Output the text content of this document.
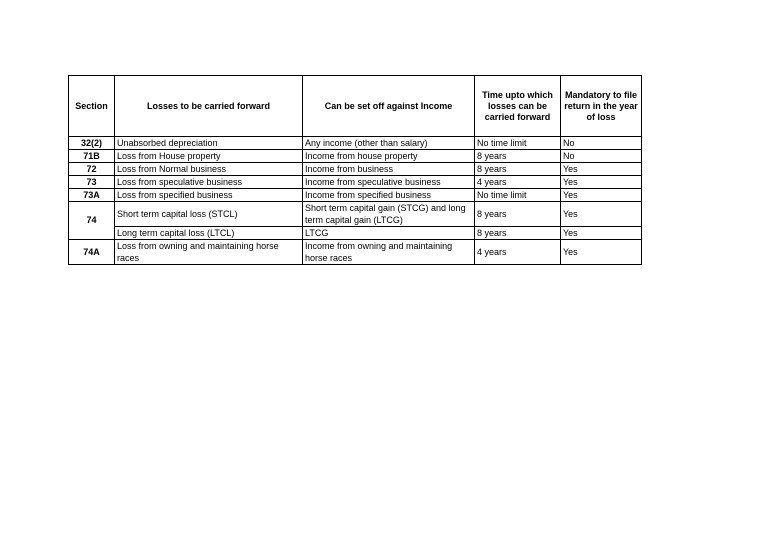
Section	Losses to be carried forward	Can be set off against Income	Time upto which losses can be carried forward	Mandatory to file return in the year of loss
32(2)	Unabsorbed depreciation	Any income (other than salary)	No time limit	No
71B	Loss from House property	Income from house property	8 years	No
72	Loss from Normal business	Income from business	8 years	Yes
73	Loss from speculative business	Income from speculative business	4 years	Yes
73A	Loss from specified business	Income from specified business	No time limit	Yes
74	Short term capital loss (STCL)	Short term capital gain (STCG) and long term capital gain (LTCG)	8 years	Yes
	Long term capital loss (LTCL)	LTCG	8 years	Yes
74A	Loss from owning and maintaining horse races	Income from owning and maintaining horse races	4 years	Yes
